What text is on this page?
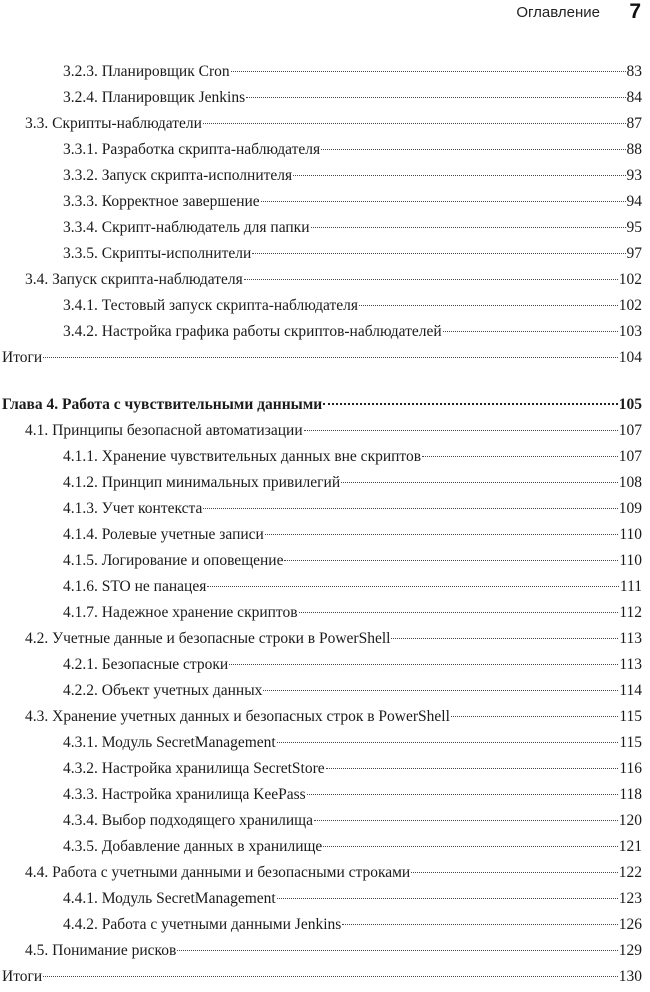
Оглавление 7
3.2.3. Планировщик Cron	83
3.2.4. Планировщик Jenkins	84
3.3. Скрипты-наблюдатели	87
3.3.1. Разработка скрипта-наблюдателя	88
3.3.2. Запуск скрипта-исполнителя	93
3.3.3. Корректное завершение	94
3.3.4. Скрипт-наблюдатель для папки	95
3.3.5. Скрипты-исполнители	97
3.4. Запуск скрипта-наблюдателя	102
3.4.1. Тестовый запуск скрипта-наблюдателя	102
3.4.2. Настройка графика работы скриптов-наблюдателей	103
Итоги	104
Глава 4. Работа с чувствительными данными	105
4.1. Принципы безопасной автоматизации	107
4.1.1. Хранение чувствительных данных вне скриптов	107
4.1.2. Принцип минимальных привилегий	108
4.1.3. Учет контекста	109
4.1.4. Ролевые учетные записи	110
4.1.5. Логирование и оповещение	110
4.1.6. STO не панацея	111
4.1.7. Надежное хранение скриптов	112
4.2. Учетные данные и безопасные строки в PowerShell	113
4.2.1. Безопасные строки	113
4.2.2. Объект учетных данных	114
4.3. Хранение учетных данных и безопасных строк в PowerShell	115
4.3.1. Модуль SecretManagement	115
4.3.2. Настройка хранилища SecretStore	116
4.3.3. Настройка хранилища KeePass	118
4.3.4. Выбор подходящего хранилища	120
4.3.5. Добавление данных в хранилище	121
4.4. Работа с учетными данными и безопасными строками	122
4.4.1. Модуль SecretManagement	123
4.4.2. Работа с учетными данными Jenkins	126
4.5. Понимание рисков	129
Итоги	130
